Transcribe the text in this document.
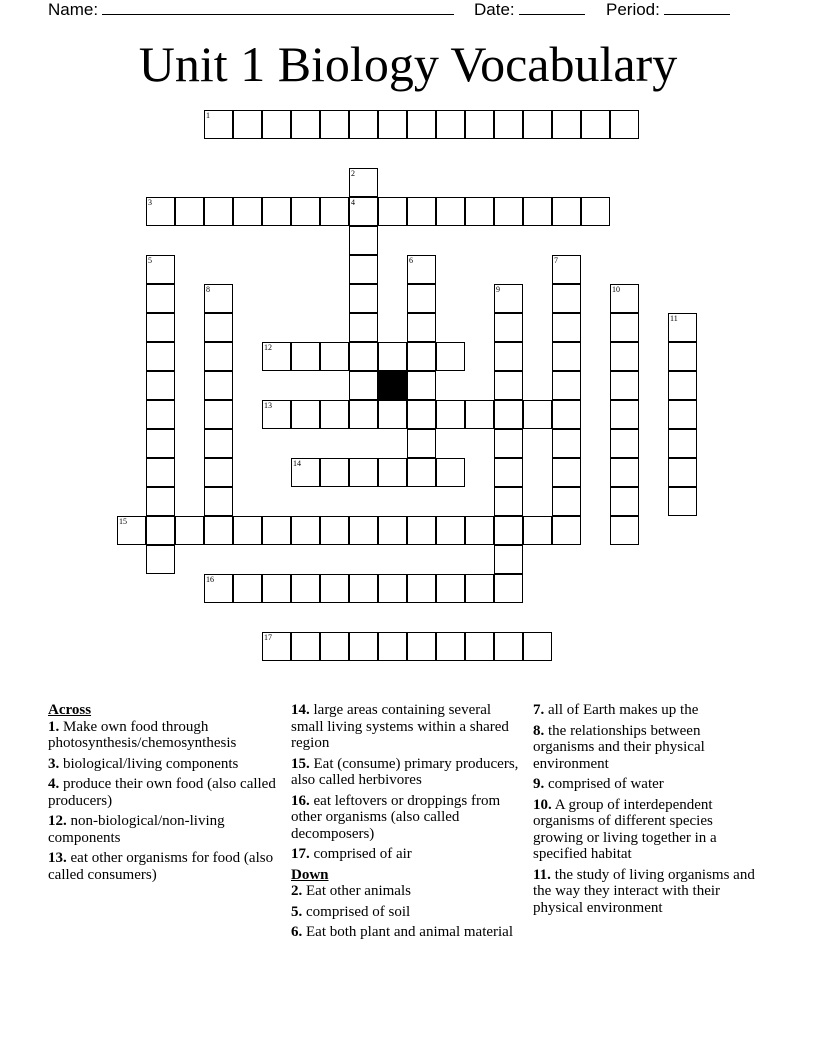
Name:	Date:	Period:
Unit 1 Biology Vocabulary
1
2
3	4
5	6	7
8	9	10
11
12
13
14
15
16
17
Across
1. Make own food through photosynthesis/chemosynthesis
3. biological/living components
4. produce their own food (also called producers)
12. non-biological/non-living components
13. eat other organisms for food (also called consumers)
14. large areas containing several small living systems within a shared region
15. Eat (consume) primary producers, also called herbivores
16. eat leftovers or droppings from other organisms (also called decomposers)
17. comprised of air
Down
2. Eat other animals
5. comprised of soil
6. Eat both plant and animal material
7. all of Earth makes up the
8. the relationships between organisms and their physical environment
9. comprised of water
10. A group of interdependent organisms of different species growing or living together in a specified habitat
11. the study of living organisms and the way they interact with their physical environment
